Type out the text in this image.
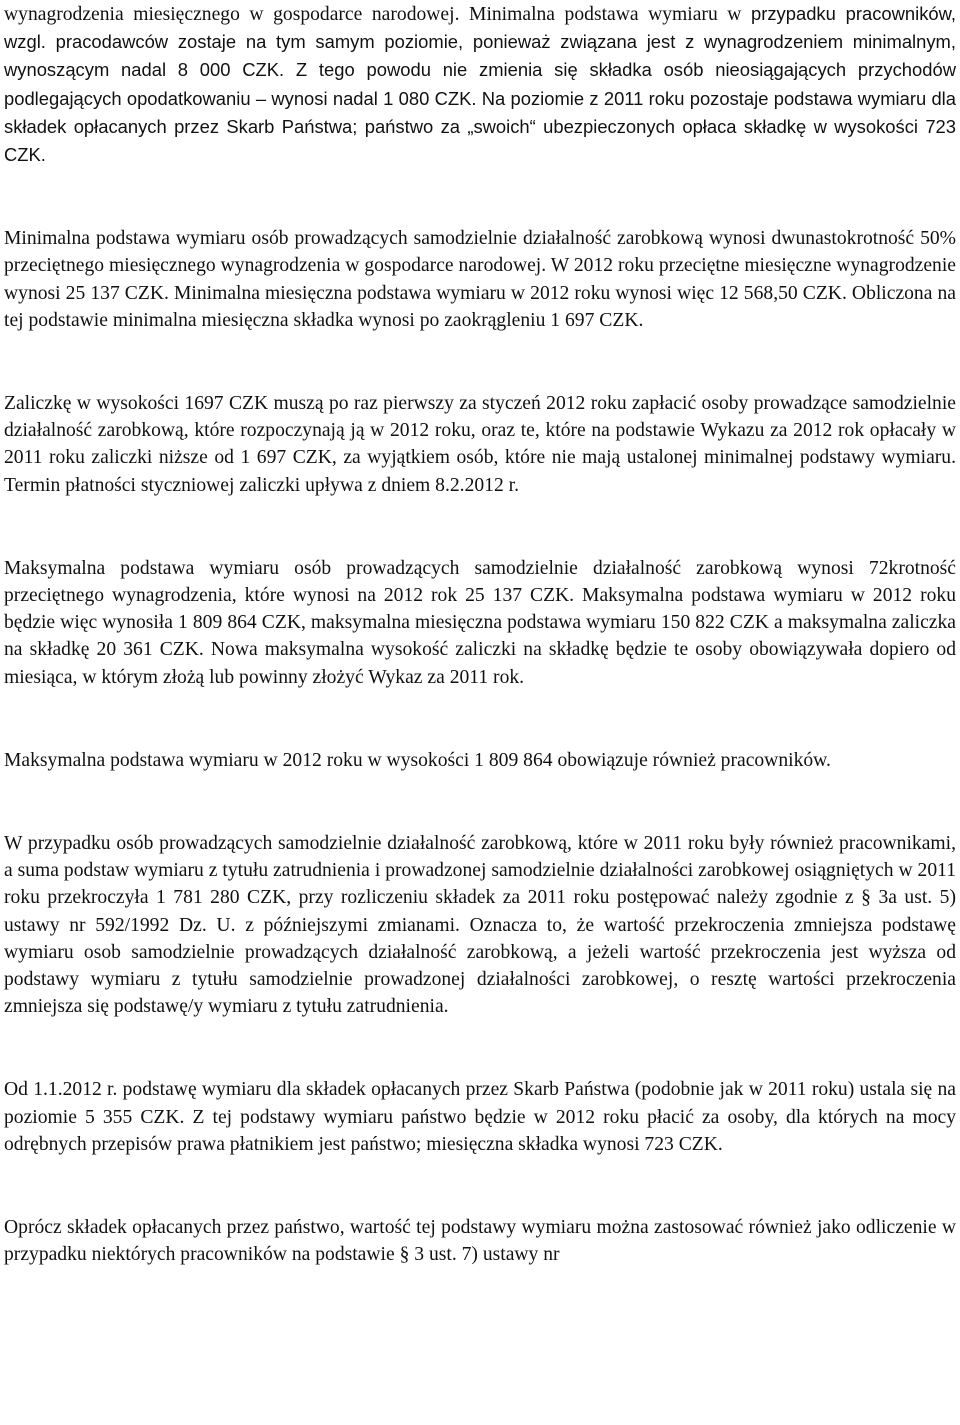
wynagrodzenia miesięcznego w gospodarce narodowej. Minimalna podstawa wymiaru w przypadku pracowników, wzgl. pracodawców zostaje na tym samym poziomie, ponieważ związana jest z wynagrodzeniem minimalnym, wynoszącym nadal 8 000 CZK. Z tego powodu nie zmienia się składka osób nieosiągających przychodów podlegających opodatkowaniu – wynosi nadal 1 080 CZK. Na poziomie z 2011 roku pozostaje podstawa wymiaru dla składek opłacanych przez Skarb Państwa; państwo za „swoich“ ubezpieczonych opłaca składkę w wysokości 723 CZK.

Minimalna podstawa wymiaru osób prowadzących samodzielnie działalność zarobkową wynosi dwunastokrotność 50% przeciętnego miesięcznego wynagrodzenia w gospodarce narodowej. W 2012 roku przeciętne miesięczne wynagrodzenie wynosi 25 137 CZK. Minimalna miesięczna podstawa wymiaru w 2012 roku wynosi więc 12 568,50 CZK. Obliczona na tej podstawie minimalna miesięczna składka wynosi po zaokrągleniu 1 697 CZK.

Zaliczkę w wysokości 1697 CZK muszą po raz pierwszy za styczeń 2012 roku zapłacić osoby prowadzące samodzielnie działalność zarobkową, które rozpoczynają ją w 2012 roku, oraz te, które na podstawie Wykazu za 2012 rok opłacały w 2011 roku zaliczki niższe od 1 697 CZK, za wyjątkiem osób, które nie mają ustalonej minimalnej podstawy wymiaru. Termin płatności styczniowej zaliczki upływa z dniem 8.2.2012 r.

Maksymalna podstawa wymiaru osób prowadzących samodzielnie działalność zarobkową wynosi 72krotność przeciętnego wynagrodzenia, które wynosi na 2012 rok 25 137 CZK. Maksymalna podstawa wymiaru w 2012 roku będzie więc wynosiła 1 809 864 CZK, maksymalna miesięczna podstawa wymiaru 150 822 CZK a maksymalna zaliczka na składkę 20 361 CZK. Nowa maksymalna wysokość zaliczki na składkę będzie te osoby obowiązywała dopiero od miesiąca, w którym złożą lub powinny złożyć Wykaz za 2011 rok.

Maksymalna podstawa wymiaru w 2012 roku w wysokości 1 809 864 obowiązuje również pracowników.

W przypadku osób prowadzących samodzielnie działalność zarobkową, które w 2011 roku były również pracownikami, a suma podstaw wymiaru z tytułu zatrudnienia i prowadzonej samodzielnie działalności zarobkowej osiągniętych w 2011 roku przekroczyła 1 781 280 CZK, przy rozliczeniu składek za 2011 roku postępować należy zgodnie z § 3a ust. 5) ustawy nr 592/1992 Dz. U. z późniejszymi zmianami. Oznacza to, że wartość przekroczenia zmniejsza podstawę wymiaru osob samodzielnie prowadzących działalność zarobkową, a jeżeli wartość przekroczenia jest wyższa od podstawy wymiaru z tytułu samodzielnie prowadzonej działalności zarobkowej, o resztę wartości przekroczenia zmniejsza się podstawę/y wymiaru z tytułu zatrudnienia.

Od 1.1.2012 r. podstawę wymiaru dla składek opłacanych przez Skarb Państwa (podobnie jak w 2011 roku) ustala się na poziomie 5 355 CZK. Z tej podstawy wymiaru państwo będzie w 2012 roku płacić za osoby, dla których na mocy odrębnych przepisów prawa płatnikiem jest państwo; miesięczna składka wynosi 723 CZK.

Oprócz składek opłacanych przez państwo, wartość tej podstawy wymiaru można zastosować również jako odliczenie w przypadku niektórych pracowników na podstawie § 3 ust. 7) ustawy nr
